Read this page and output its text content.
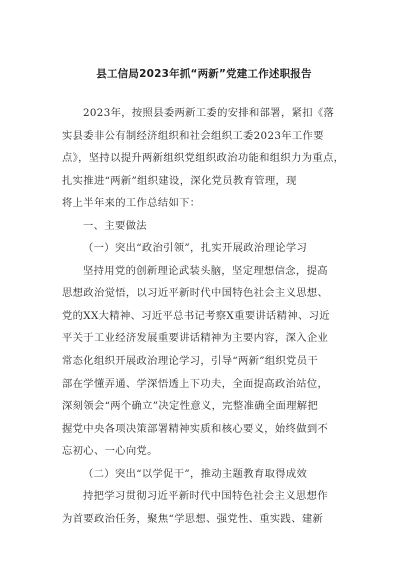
县工信局2023年抓“两新”党建工作述职报告
2023年，按照县委两新工委的安排和部署，紧扣《落
实县委非公有制经济组织和社会组织工委2023年工作要
点》，坚持以提升两新组织党组织政治功能和组织力为重点，
扎实推进“两新”组织建设，深化党员教育管理，现
将上半年来的工作总结如下：
一、主要做法
（一）突出“政治引领”，扎实开展政治理论学习
坚持用党的创新理论武装头脑，坚定理想信念，提高
思想政治觉悟，以习近平新时代中国特色社会主义思想、
党的XX大精神、习近平总书记考察X重要讲话精神、习近
平关于工业经济发展重要讲话精神为主要内容，深入企业
常态化组织开展政治理论学习，引导“两新”组织党员干
部在学懂弄通、学深悟透上下功夫，全面提高政治站位，
深刻领会“两个确立”决定性意义，完整准确全面理解把
握党中央各项决策部署精神实质和核心要义，始终做到不
忘初心、一心向党。
（二）突出“以学促干”，推动主题教育取得成效
持把学习贯彻习近平新时代中国特色社会主义思想作
为首要政治任务，聚焦“学思想、强党性、重实践、建新
